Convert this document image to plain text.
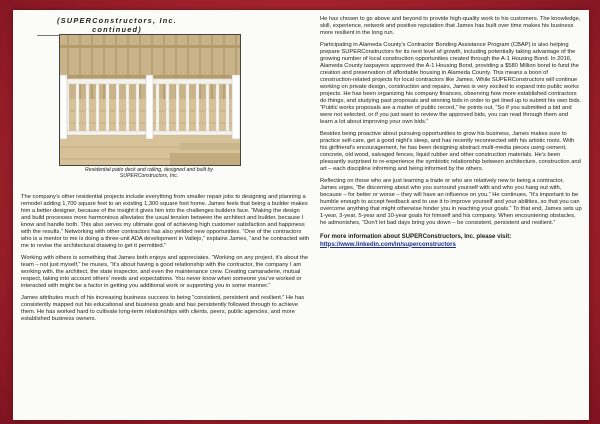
(SUPERConstructors, Inc. continued)
Residential patio deck and railing, designed and built by SUPERConstructors, Inc.

The company’s other residential projects include everything from smaller repair jobs to designing and planning a remodel adding 1,700 square feet to an existing 1,300 square foot home. James feels that being a builder makes him a better designer, because of the insight it gives him into the challenges builders face. “Making the design and build processes more harmonious alleviates the usual tension between the architect and builder, because I know and handle both. This also serves my ultimate goal of achieving high customer satisfaction and happiness with the results.” Networking with other contractors has also yielded new opportunities. “One of the contractors who is a mentor to me is doing a three-unit ADA development in Vallejo,” explains James, “and he contracted with me to revise the architectural drawing to get it permitted.”

Working with others is something that James both enjoys and appreciates. “Working on any project, it’s about the team – not just myself,” he muses, “It’s about having a good relationship with the contractor, the company I am working with, the architect, the state inspector, and even the maintenance crew. Creating camaraderie, mutual respect, taking into account others’ needs and expectations. You never know when someone you’ve worked or interacted with might be a factor in getting you additional work or supporting you in some manner.”

James attributes much of his increasing business success to being “consistent, persistent and resilient.” He has consistently mapped out his educational and business goals and has persistently followed through to achieve them. He has worked hard to cultivate long-term relationships with clients, peers, public agencies, and more established business owners.

He has chosen to go above and beyond to provide high-quality work to his customers. The knowledge, skill, experience, network and positive reputation that James has built over time makes his business more resilient in the long run.

Participating in Alameda County’s Contractor Bonding Assistance Program (CBAP) is also helping prepare SUPERConstructors for its next level of growth, including potentially taking advantage of the growing number of local construction opportunities created through the A-1 Housing Bond. In 2016, Alameda County taxpayers approved the A-1 Housing Bond, providing a $580 Million bond to fund the creation and preservation of affordable housing in Alameda County. This means a boon of construction-related projects for local contractors like James. While SUPERConstructors will continue working on private design, construction and repairs, James is very excited to expand into public works projects. He has been organizing his company finances, observing how more established contractors do things, and studying past proposals and winning bids in order to get lined up to submit his own bids. “Public works proposals are a matter of public record,” he points out, “So if you submitted a bid and were not selected, or if you just want to review the approved bids, you can read through them and learn a lot about improving your own bids.”

Besides being proactive about pursuing opportunities to grow his business, James makes sure to practice self-care, get a good night’s sleep, and has recently reconnected with his artistic roots. With his girlfriend’s encouragement, he has been designing abstract multi-media pieces using cement, concrete, old wood, salvaged fences, liquid rubber and other construction materials. He’s been pleasantly surprised to re-experience the symbiotic relationship between architecture, construction and art – each discipline informing and being informed by the others.

Reflecting on those who are just learning a trade or who are relatively new to being a contractor, James urges, “Be discerning about who you surround yourself with and who you hang out with, because – for better or worse – they will have an influence on you.” He continues, “It’s important to be humble enough to accept feedback and to use it to improve yourself and your abilities, so that you can overcome anything that might otherwise hinder you in reaching your goals.” To that end, James sets up 1-year, 3-year, 5-year and 10-year goals for himself and his company. When encountering obstacles, he admonishes, “Don’t let bad days bring you down – be consistent, persistent and resilient.”

For more information about SUPERConstructors, Inc. please visit:
https://www.linkedin.com/in/superconstructors
